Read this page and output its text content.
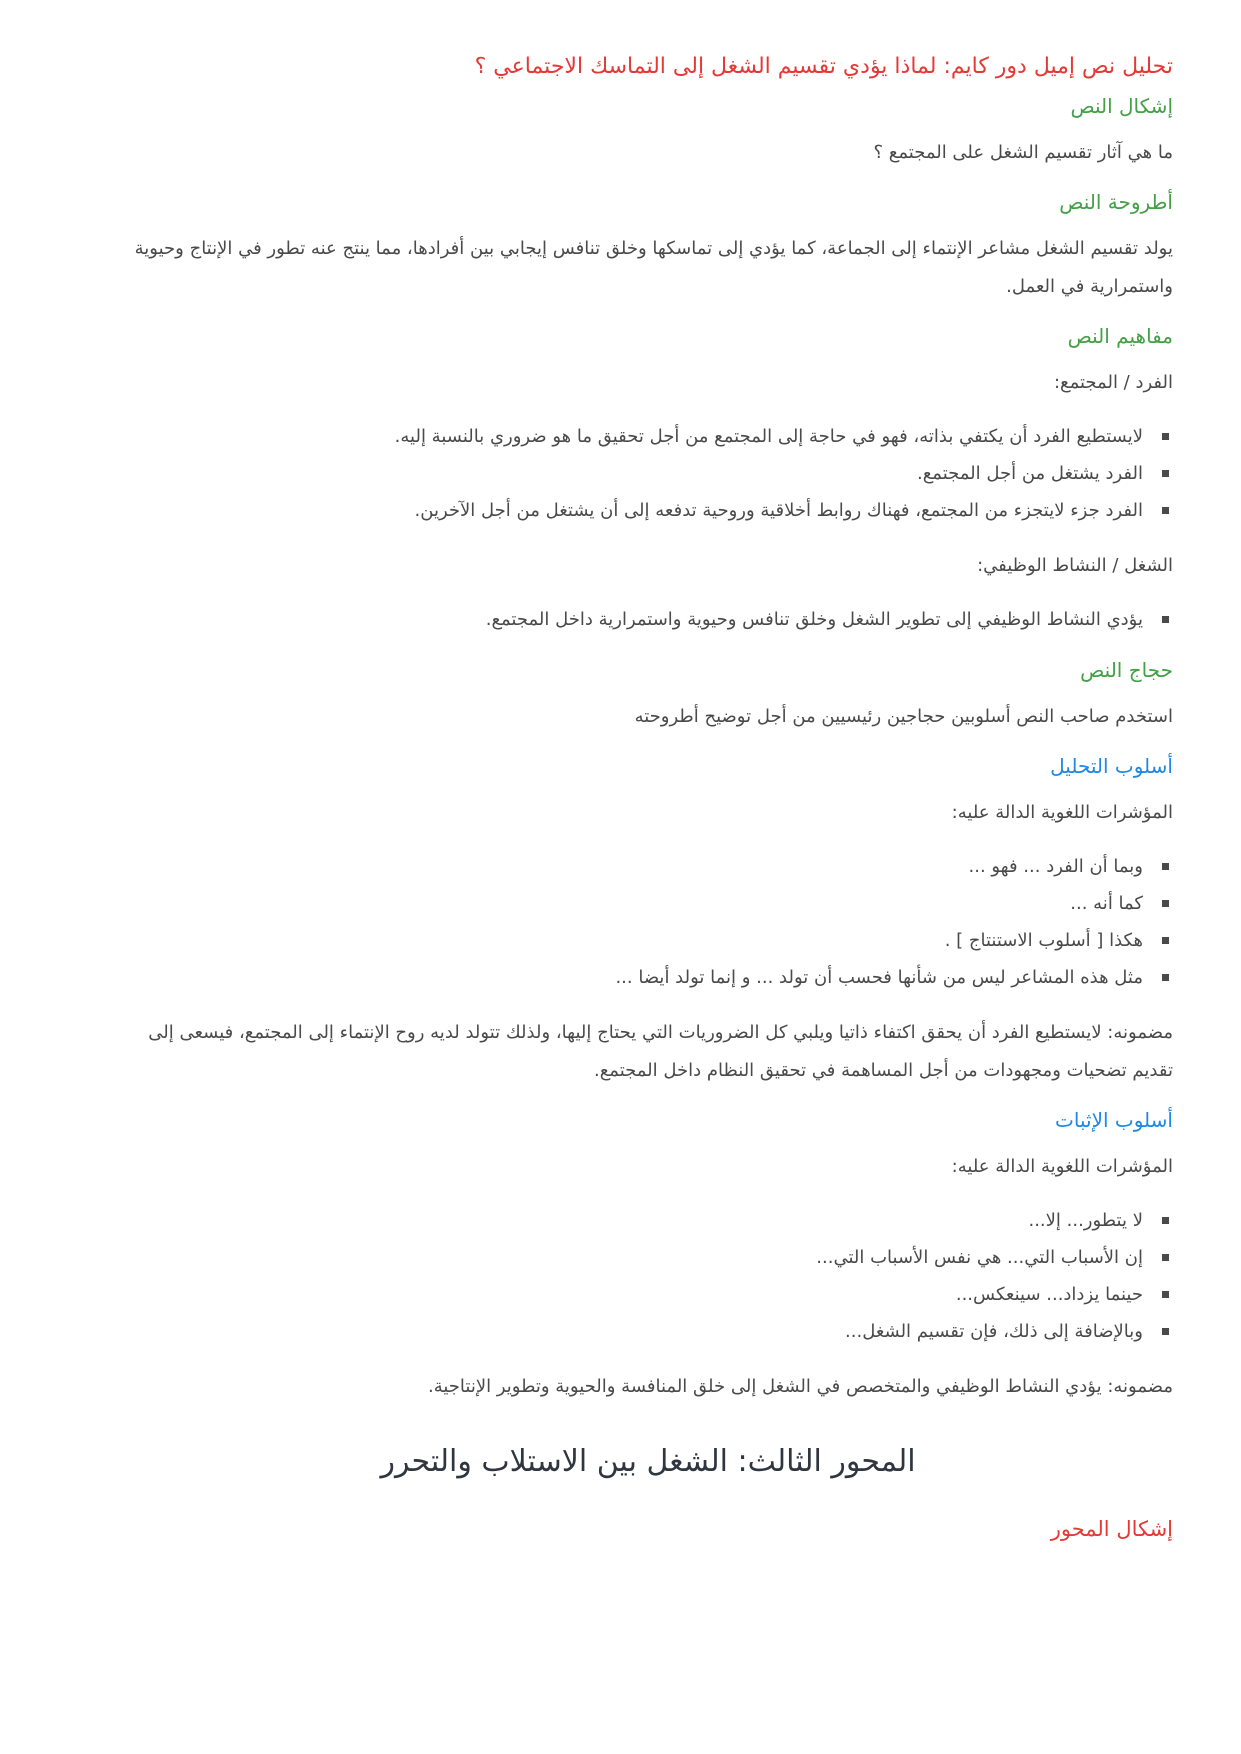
تحليل نص إميل دور كايم: لماذا يؤدي تقسيم الشغل إلى التماسك الاجتماعي ؟
إشكال النص

ما هي آثار تقسيم الشغل على المجتمع ؟

أطروحة النص

يولد تقسيم الشغل مشاعر الإنتماء إلى الجماعة، كما يؤدي إلى تماسكها وخلق تنافس إيجابي بين أفرادها، مما ينتج عنه تطور في الإنتاج وحيوية واستمرارية في العمل.

مفاهيم النص

الفرد / المجتمع:

لايستطيع الفرد أن يكتفي بذاته، فهو في حاجة إلى المجتمع من أجل تحقيق ما هو ضروري بالنسبة إليه.
الفرد يشتغل من أجل المجتمع.
الفرد جزء لايتجزء من المجتمع، فهناك روابط أخلاقية وروحية تدفعه إلى أن يشتغل من أجل الآخرين.

الشغل / النشاط الوظيفي:

يؤدي النشاط الوظيفي إلى تطوير الشغل وخلق تنافس وحيوية واستمرارية داخل المجتمع.
حجاج النص

استخدم صاحب النص أسلوبين حجاجين رئيسيين من أجل توضيح أطروحته

أسلوب التحليل

المؤشرات اللغوية الدالة عليه:

وبما أن الفرد ... فهو ...
كما أنه ...
هكذا [ أسلوب الاستنتاج ] .
مثل هذه المشاعر ليس من شأنها فحسب أن تولد ... و إنما تولد أيضا ...

مضمونه: لايستطيع الفرد أن يحقق اكتفاء ذاتيا ويلبي كل الضروريات التي يحتاج إليها، ولذلك تتولد لديه روح الإنتماء إلى المجتمع، فيسعى إلى تقديم تضحيات ومجهودات من أجل المساهمة في تحقيق النظام داخل المجتمع.

أسلوب الإثبات

المؤشرات اللغوية الدالة عليه:

لا يتطور... إلا...
إن الأسباب التي... هي نفس الأسباب التي...
حينما يزداد... سينعكس...
وبالإضافة إلى ذلك، فإن تقسيم الشغل...

مضمونه: يؤدي النشاط الوظيفي والمتخصص في الشغل إلى خلق المنافسة والحيوية وتطوير الإنتاجية.

المحور الثالث: الشغل بين الاستلاب والتحرر
إشكال المحور
